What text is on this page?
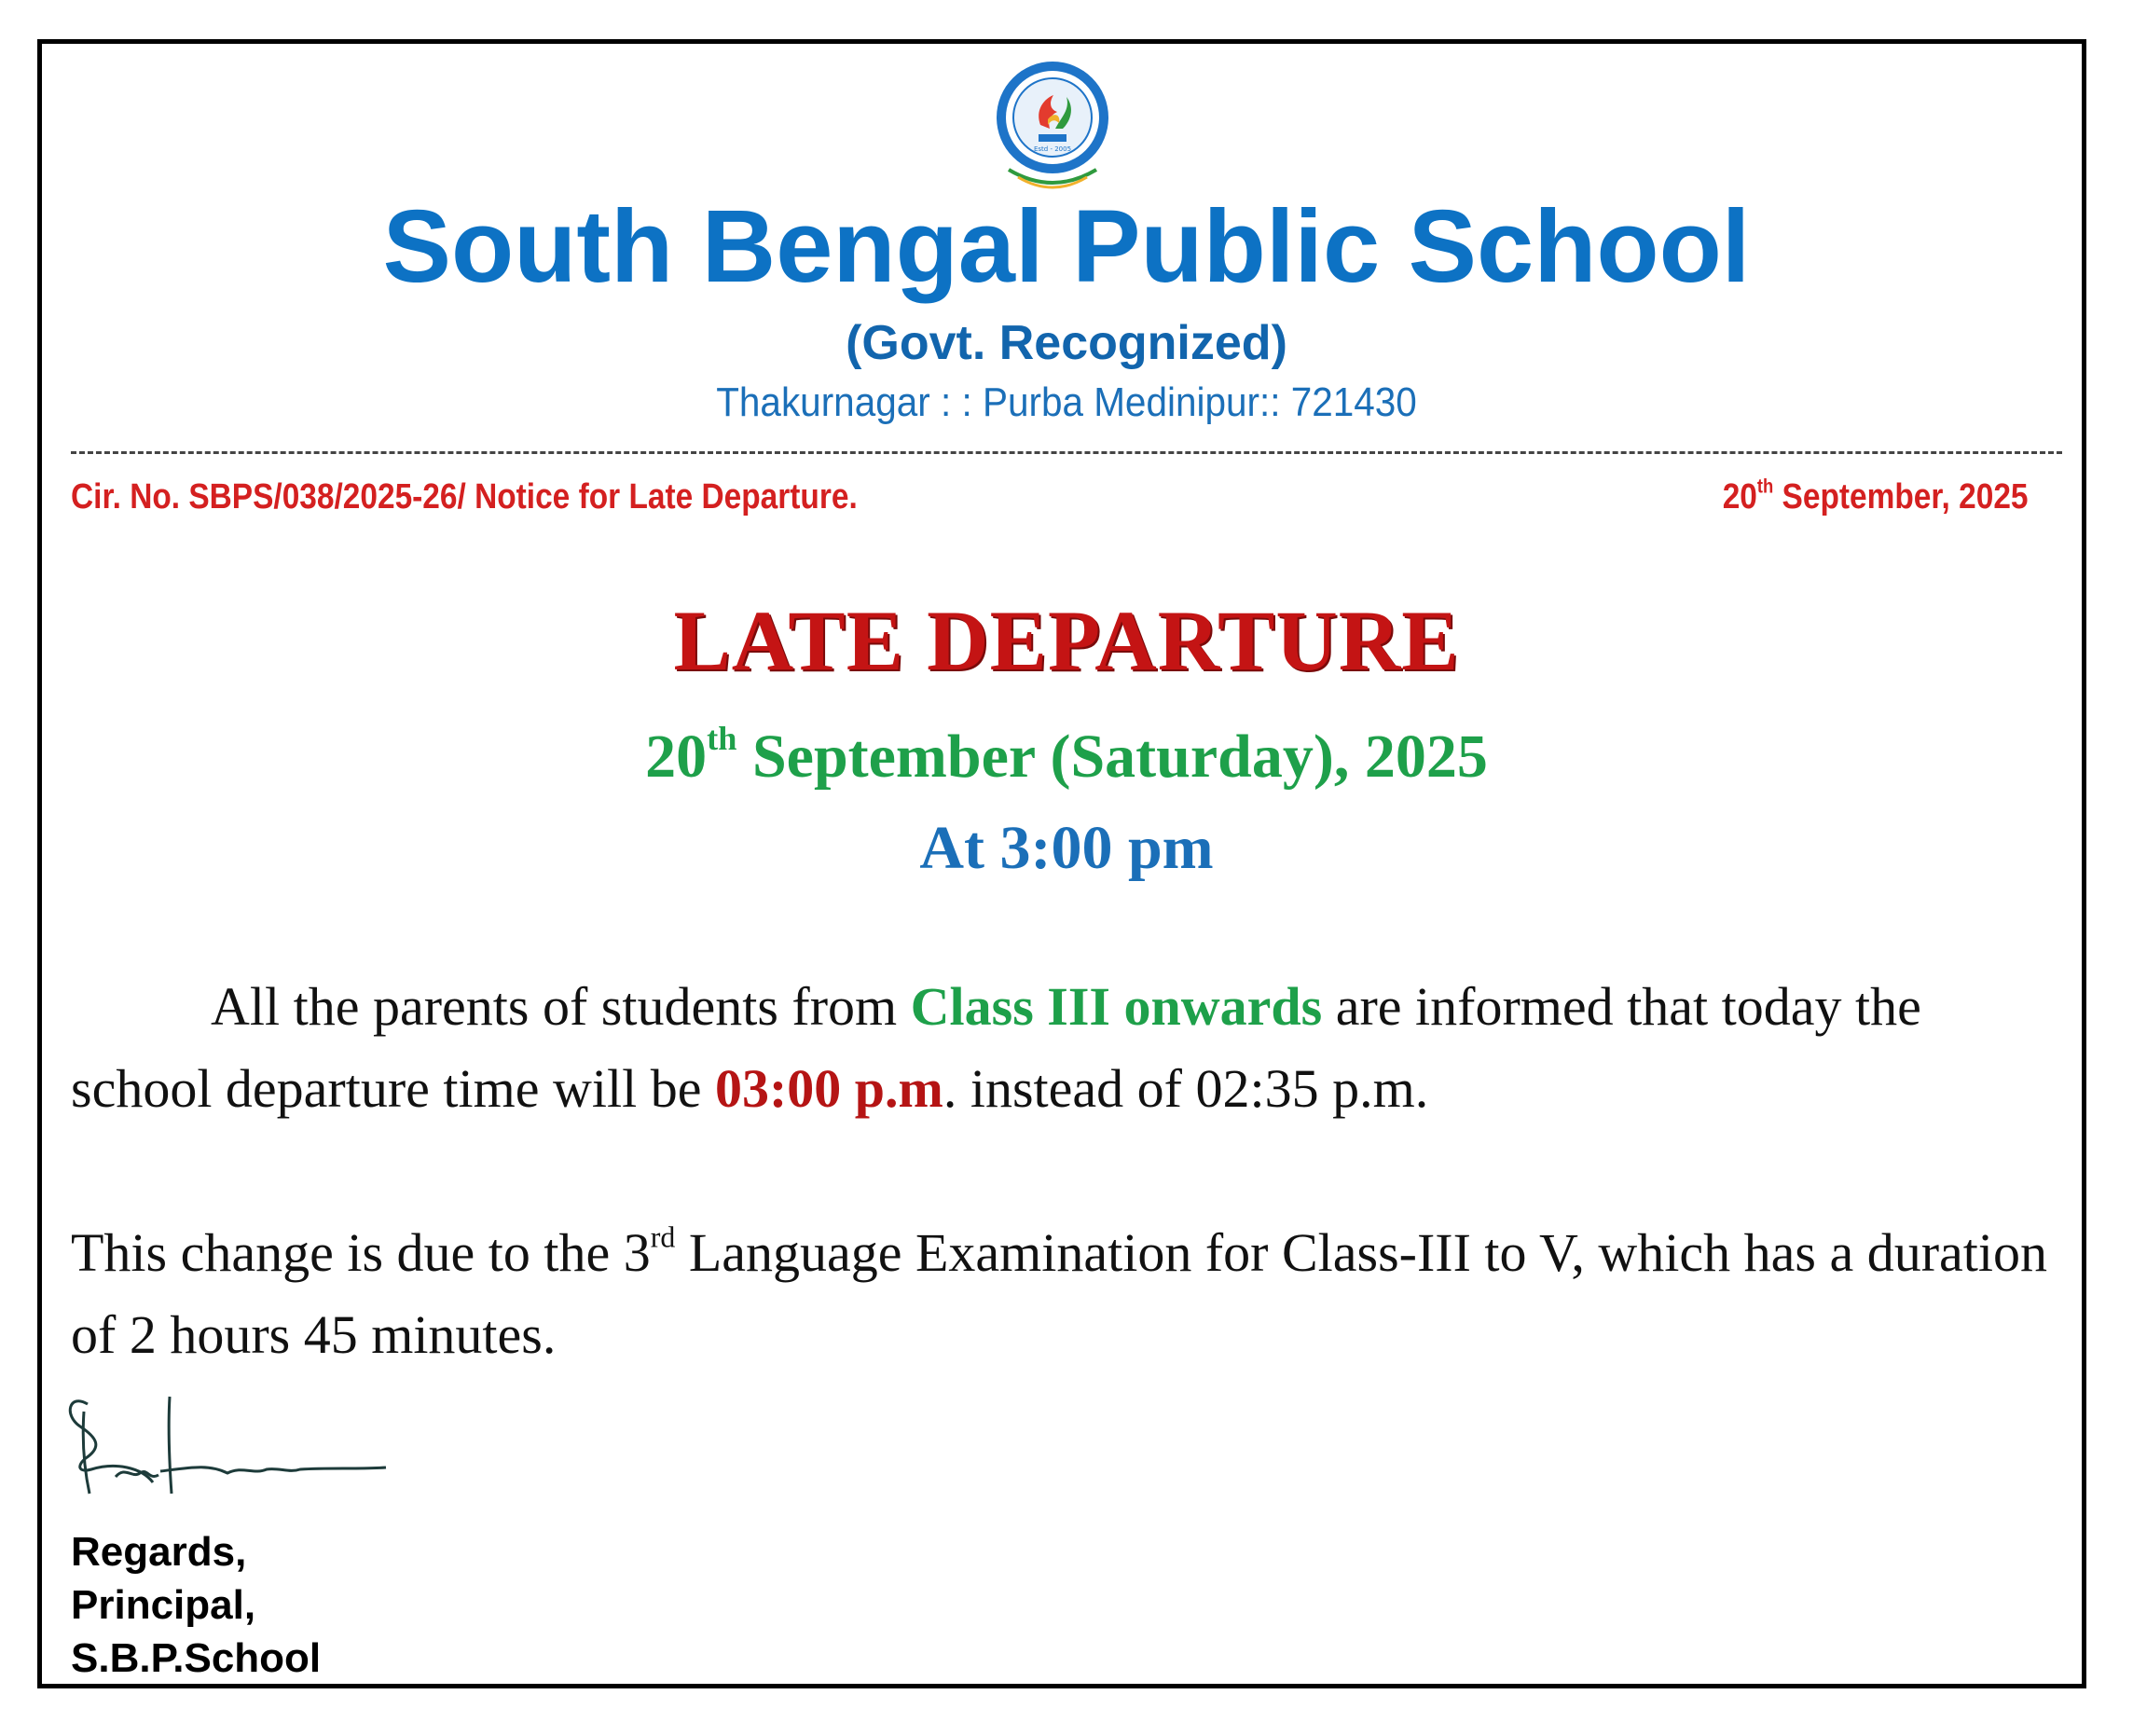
Estd - 2005
South Bengal Public School
(Govt. Recognized)
Thakurnagar : : Purba Medinipur:: 721430
Cir. No. SBPS/038/2025-26/ Notice for Late Departure.	20th September, 2025
LATE DEPARTURE
20th September (Saturday), 2025
At 3:00 pm
All the parents of students from Class III onwards are informed that today the school departure time will be 03:00 p.m. instead of 02:35 p.m.
This change is due to the 3rd Language Examination for Class-III to V, which has a duration of 2 hours 45 minutes.
Regards,
Principal,
S.B.P.School
